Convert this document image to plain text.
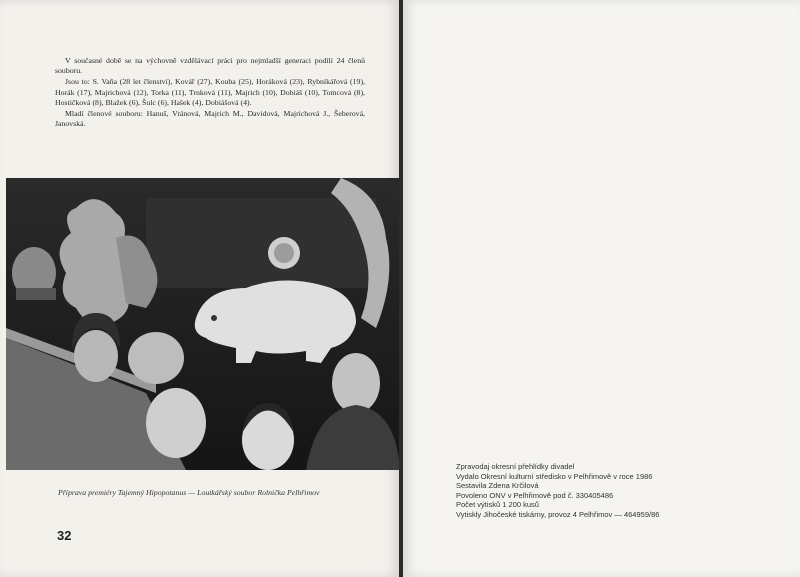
V současné době se na výchovně vzdělávací práci pro nejmladší generaci podílí 24 členů souboru.

Jsou to: S. Vaňa (28 let členství), Kovář (27), Kouba (25), Horáková (23), Rybníkářová (19), Horák (17), Majrichová (12), Torka (11), Trnková (11), Majrich (10), Dobiáš (10), Tomcová (8), Hostičková (8), Blažek (6), Šulc (6), Hašek (4), Dobiášová (4).

Mladí členové souboru: Hanuš, Vránová, Majrich M., Davidová, Majrichová J., Šeberová, Janovská.

Příprava premiéry Tajemný Hipopotanus — Loutkářský soubor Rolnička Pelhřimov
32
Zpravodaj okresní přehlídky divadel
Vydalo Okresní kulturní středisko v Pelhřimově v roce 1986
Sestavila Zdena Krčilová
Povoleno ONV v Pelhřimově pod č. 330405486
Počet výtisků 1 200 kusů
Vytiskly Jihočeské tiskárny, provoz 4 Pelhřimov — 464959/86
